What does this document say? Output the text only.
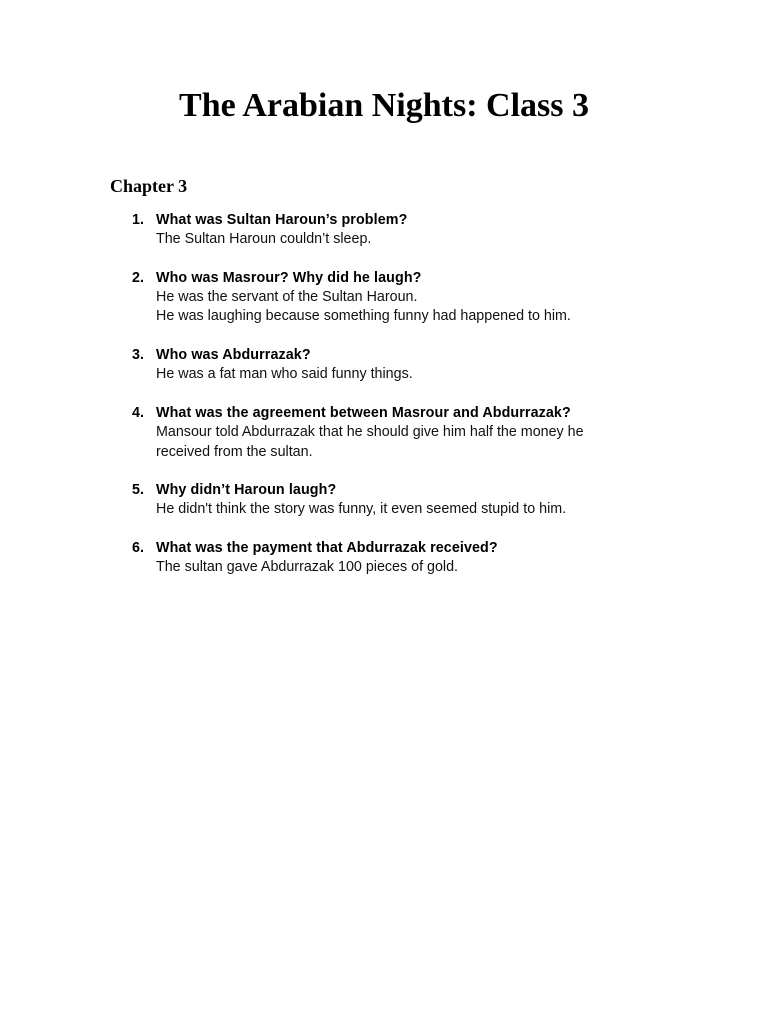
The Arabian Nights: Class 3
Chapter 3
1. What was Sultan Haroun’s problem?
The Sultan Haroun couldn’t sleep.
2. Who was Masrour? Why did he laugh?
He was the servant of the Sultan Haroun.
He was laughing because something funny had happened to him.
3. Who was Abdurrazak?
He was a fat man who said funny things.
4. What was the agreement between Masrour and Abdurrazak?
Mansour told Abdurrazak that he should give him half the money he
received from the sultan.
5. Why didn’t Haroun laugh?
He didn't think the story was funny, it even seemed stupid to him.
6. What was the payment that Abdurrazak received?
The sultan gave Abdurrazak 100 pieces of gold.
